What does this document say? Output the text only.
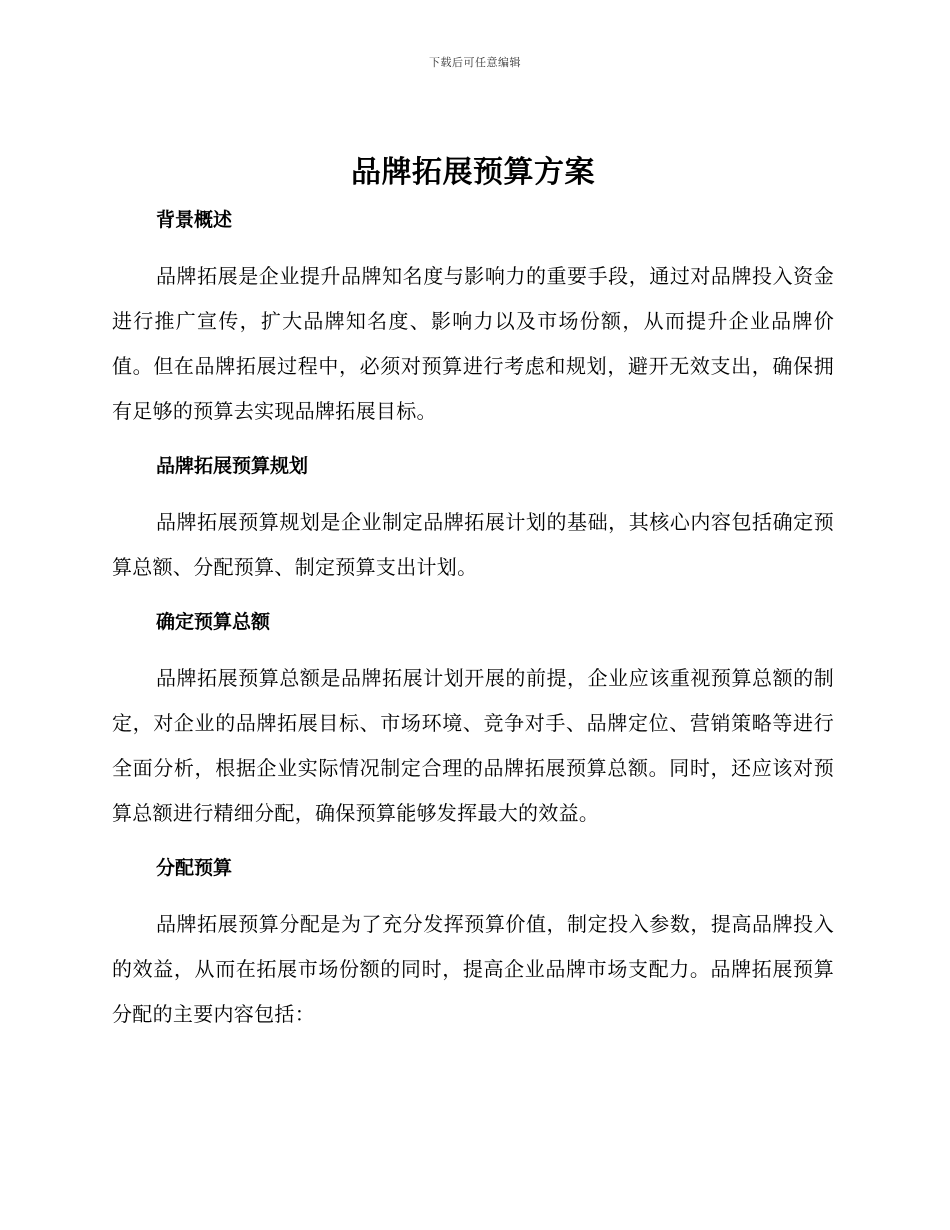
下载后可任意编辑
品牌拓展预算方案
背景概述

品牌拓展是企业提升品牌知名度与影响力的重要手段，通过对品牌投入资金进行推广宣传，扩大品牌知名度、影响力以及市场份额，从而提升企业品牌价值。但在品牌拓展过程中，必须对预算进行考虑和规划，避开无效支出，确保拥有足够的预算去实现品牌拓展目标。

品牌拓展预算规划

品牌拓展预算规划是企业制定品牌拓展计划的基础，其核心内容包括确定预算总额、分配预算、制定预算支出计划。

确定预算总额

品牌拓展预算总额是品牌拓展计划开展的前提，企业应该重视预算总额的制定，对企业的品牌拓展目标、市场环境、竞争对手、品牌定位、营销策略等进行全面分析，根据企业实际情况制定合理的品牌拓展预算总额。同时，还应该对预算总额进行精细分配，确保预算能够发挥最大的效益。

分配预算

品牌拓展预算分配是为了充分发挥预算价值，制定投入参数，提高品牌投入的效益，从而在拓展市场份额的同时，提高企业品牌市场支配力。品牌拓展预算分配的主要内容包括：
